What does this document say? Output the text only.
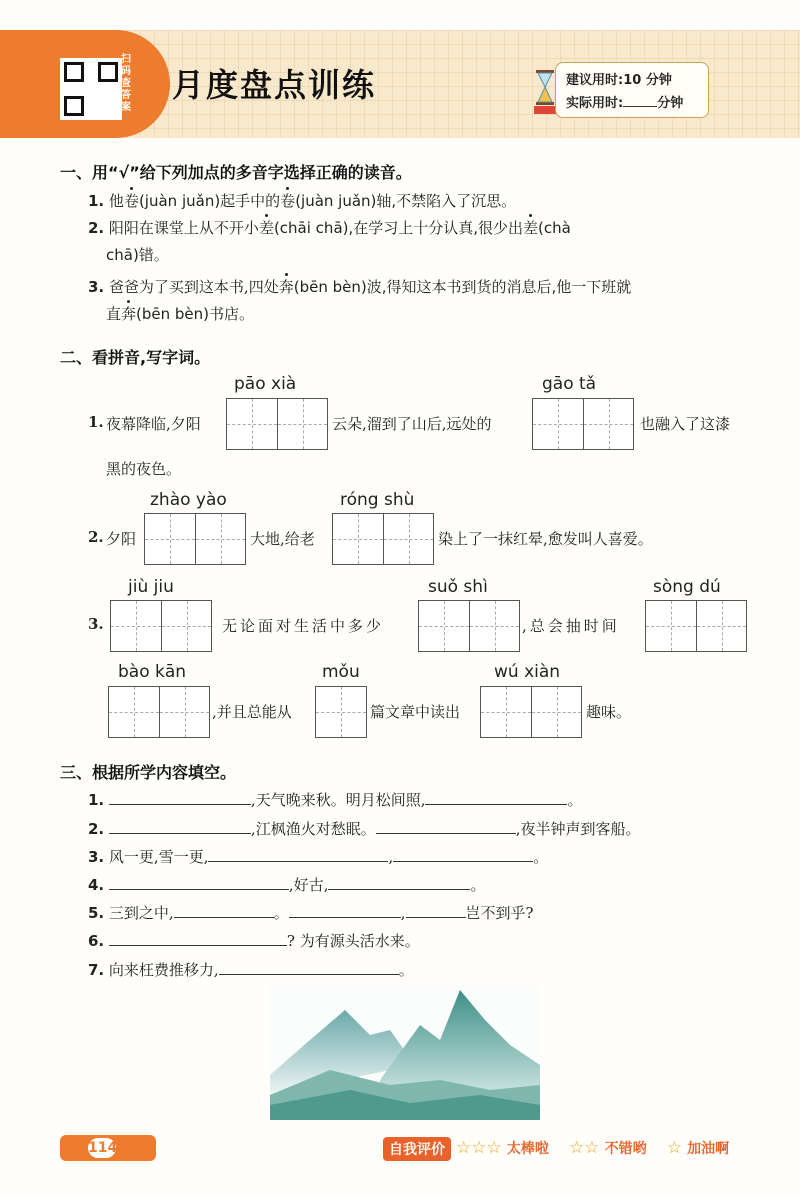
扫码查答案
月度盘点训练	建议用时:10 分钟
实际用时:	分钟
一、用“√”给下列加点的多音字选择正确的读音。
1. 他卷(juàn juǎn)起手中的卷(juàn juǎn)轴,不禁陷入了沉思。
2. 阳阳在课堂上从不开小差(chāi chā),在学习上十分认真,很少出差(chà
chā)错。
3. 爸爸为了买到这本书,四处奔(bēn bèn)波,得知这本书到货的消息后,他一下班就
直奔(bēn bèn)书店。
二、看拼音,写字词。
pāo xià	gāo tǎ
1. 夜幕降临,夕阳	云朵,溜到了山后,远处的	也融入了这漆
黑的夜色。
zhào yào	róng shù
2. 夕阳	大地,给老	染上了一抹红晕,愈发叫人喜爱。
jiù jiu	suǒ shì	sòng dú
3.	无论面对生活中多少	,总会抽时间
bào kān	mǒu	wú xiàn
,并且总能从	篇文章中读出	趣味。
三、根据所学内容填空。
1.	,天气晚来秋。明月松间照,	。
2.	,江枫渔火对愁眠。	,夜半钟声到客船。
3. 风一更,雪一更,	,	。
4.	,好古,	。
5. 三到之中,	。	,	岂不到乎?
6.	? 为有源头活水来。
7. 向来枉费推移力,	。
114	自我评价 ☆☆☆ 太棒啦 ☆☆ 不错哟 ☆ 加油啊
